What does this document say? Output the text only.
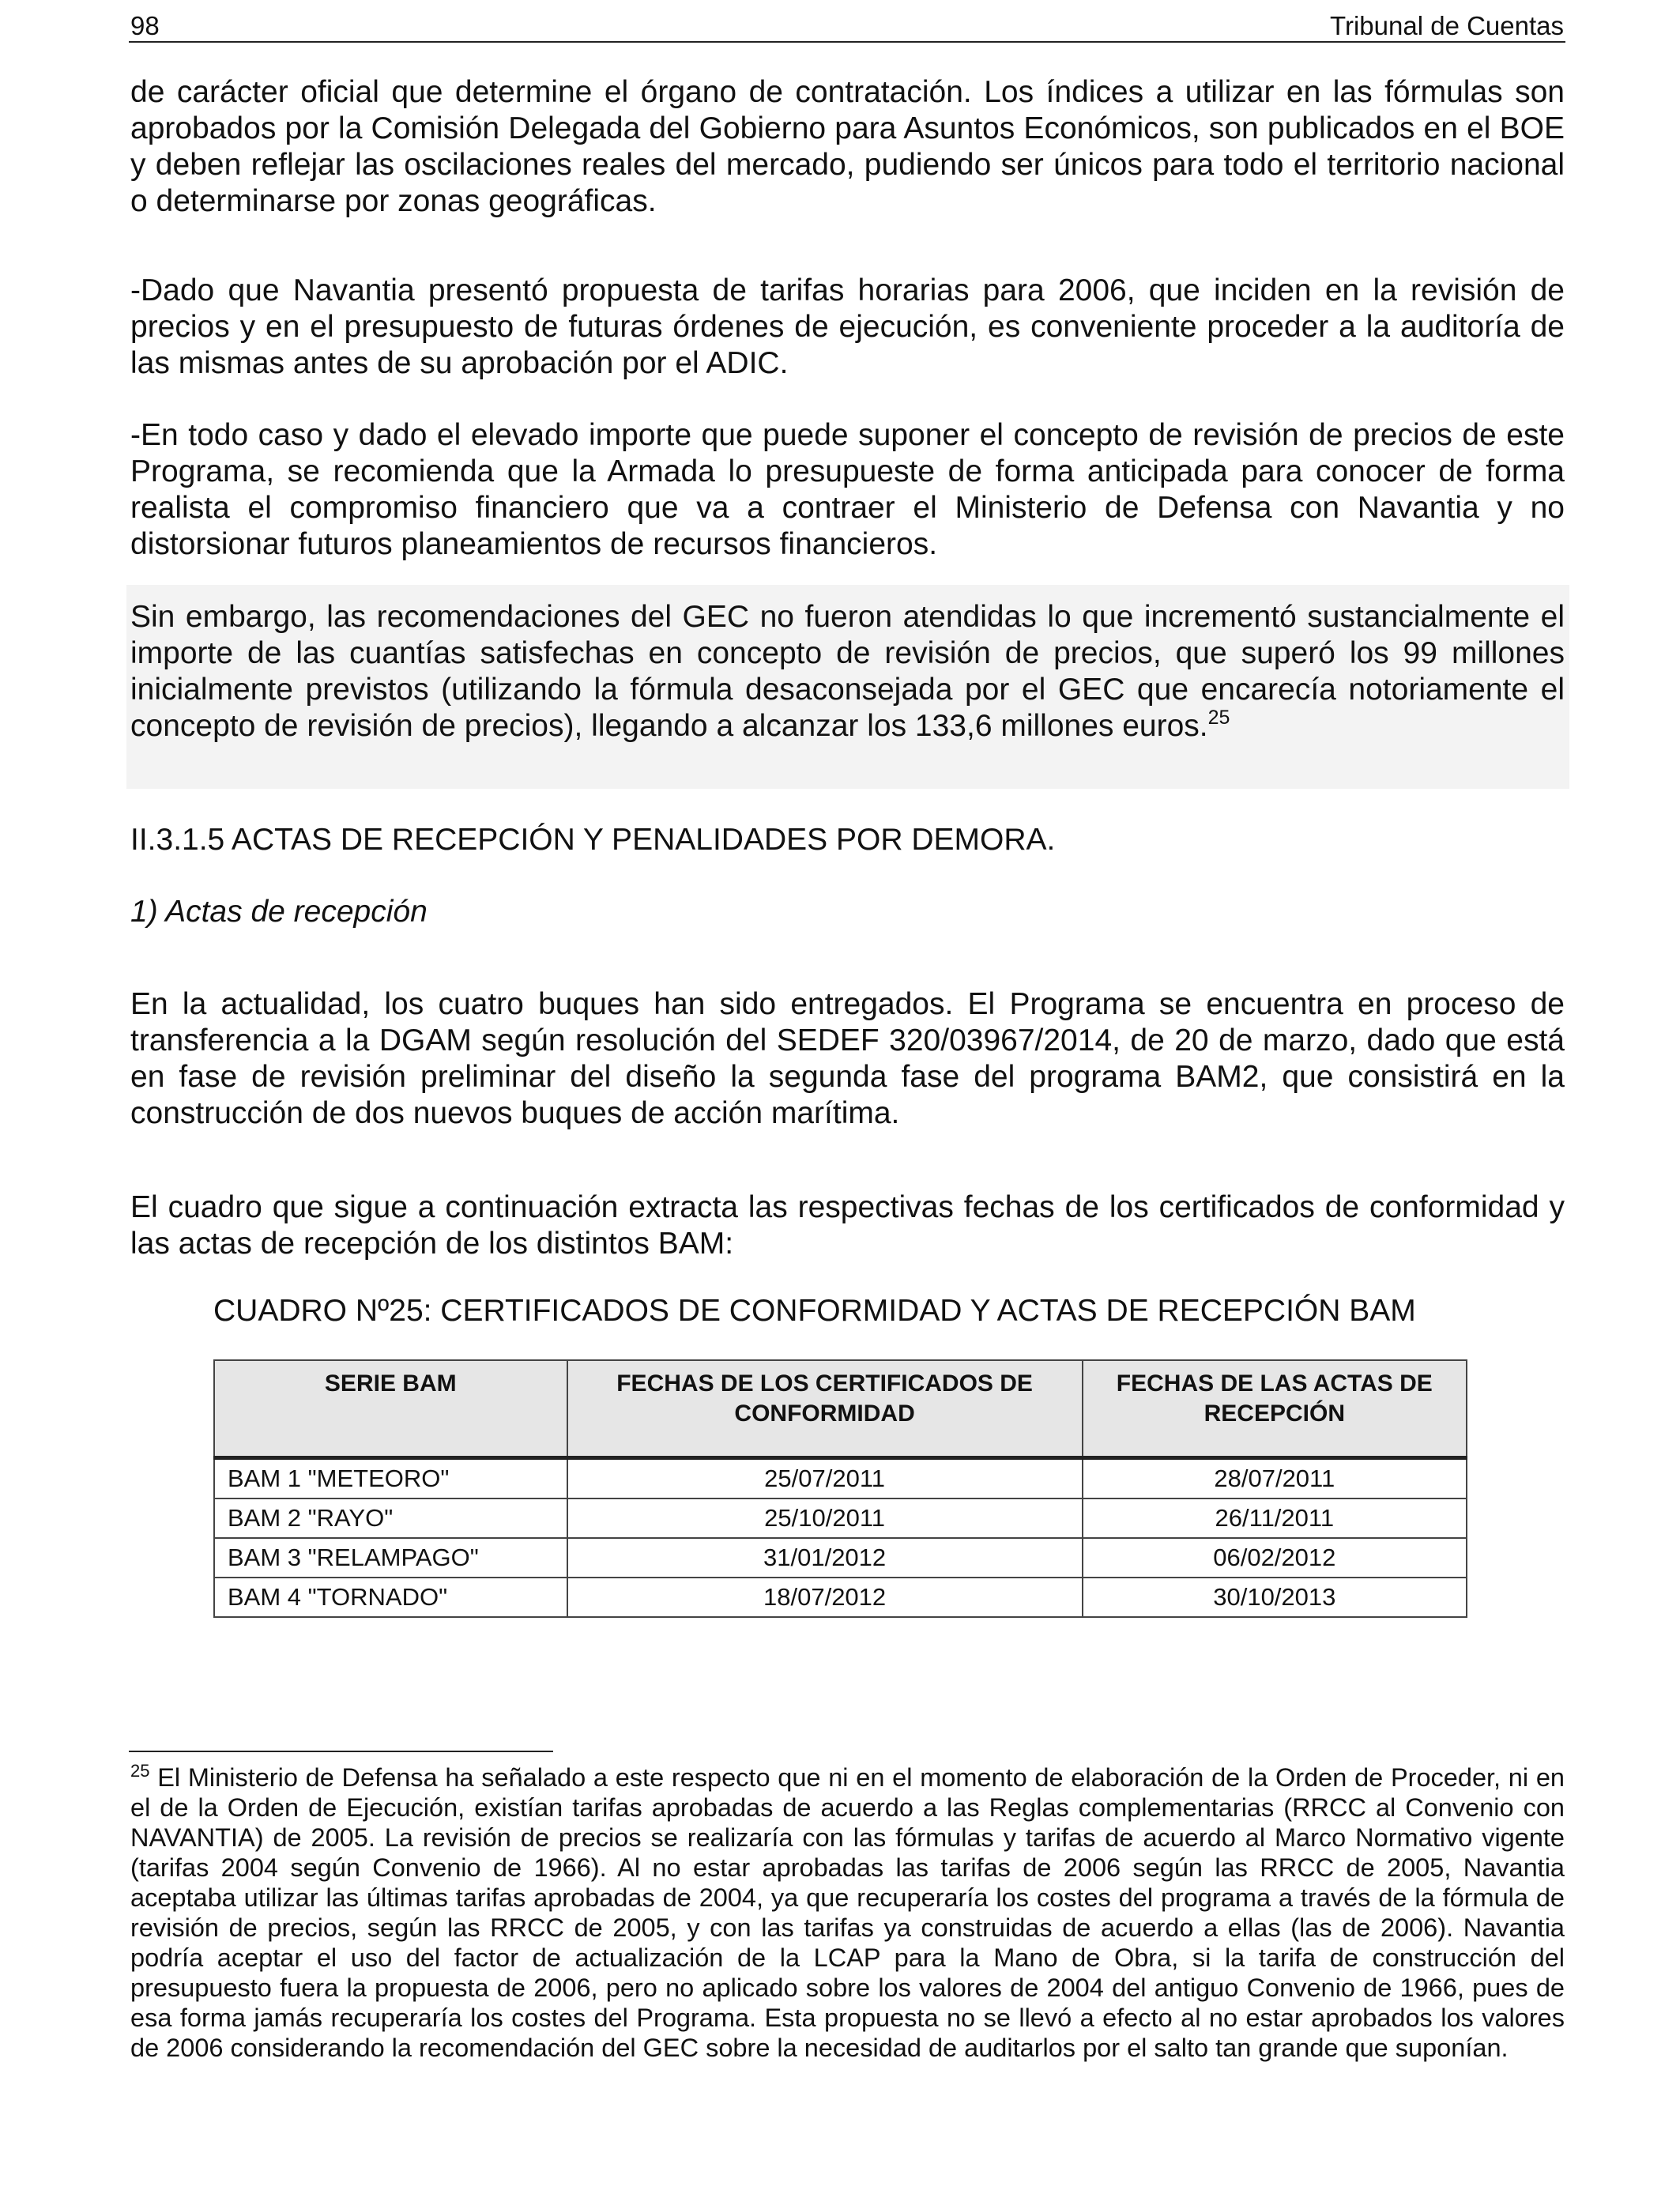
98	Tribunal de Cuentas

de carácter oficial que determine el órgano de contratación. Los índices a utilizar en las fórmulas son aprobados por la Comisión Delegada del Gobierno para Asuntos Económicos, son publicados en el BOE y deben reflejar las oscilaciones reales del mercado, pudiendo ser únicos para todo el territorio nacional o determinarse por zonas geográficas.

-Dado que Navantia presentó propuesta de tarifas horarias para 2006, que inciden en la revisión de precios y en el presupuesto de futuras órdenes de ejecución, es conveniente proceder a la auditoría de las mismas antes de su aprobación por el ADIC.

-En todo caso y dado el elevado importe que puede suponer el concepto de revisión de precios de este Programa, se recomienda que la Armada lo presupueste de forma anticipada para conocer de forma realista el compromiso financiero que va a contraer el Ministerio de Defensa con Navantia y no distorsionar futuros planeamientos de recursos financieros.

Sin embargo, las recomendaciones del GEC no fueron atendidas lo que incrementó sustancialmente el importe de las cuantías satisfechas en concepto de revisión de precios, que superó los 99 millones inicialmente previstos (utilizando la fórmula desaconsejada por el GEC que encarecía notoriamente el concepto de revisión de precios), llegando a alcanzar los 133,6 millones euros.$^{25}$

II.3.1.5 ACTAS DE RECEPCIÓN Y PENALIDADES POR DEMORA.
1) Actas de recepción

En la actualidad, los cuatro buques han sido entregados. El Programa se encuentra en proceso de transferencia a la DGAM según resolución del SEDEF 320/03967/2014, de 20 de marzo, dado que está en fase de revisión preliminar del diseño la segunda fase del programa BAM2, que consistirá en la construcción de dos nuevos buques de acción marítima.

El cuadro que sigue a continuación extracta las respectivas fechas de los certificados de conformidad y las actas de recepción de los distintos BAM:

CUADRO Nº25: CERTIFICADOS DE CONFORMIDAD Y ACTAS DE RECEPCIÓN BAM
SERIE BAM	FECHAS DE LOS CERTIFICADOS DE CONFORMIDAD	FECHAS DE LAS ACTAS DE RECEPCIÓN
BAM 1 "METEORO"	25/07/2011	28/07/2011
BAM 2 "RAYO"	25/10/2011	26/11/2011
BAM 3 "RELAMPAGO"	31/01/2012	06/02/2012
BAM 4 "TORNADO"	18/07/2012	30/10/2013

$^{25}$ El Ministerio de Defensa ha señalado a este respecto que ni en el momento de elaboración de la Orden de Proceder, ni en el de la Orden de Ejecución, existían tarifas aprobadas de acuerdo a las Reglas complementarias (RRCC al Convenio con NAVANTIA) de 2005. La revisión de precios se realizaría con las fórmulas y tarifas de acuerdo al Marco Normativo vigente (tarifas 2004 según Convenio de 1966). Al no estar aprobadas las tarifas de 2006 según las RRCC de 2005, Navantia aceptaba utilizar las últimas tarifas aprobadas de 2004, ya que recuperaría los costes del programa a través de la fórmula de revisión de precios, según las RRCC de 2005, y con las tarifas ya construidas de acuerdo a ellas (las de 2006). Navantia podría aceptar el uso del factor de actualización de la LCAP para la Mano de Obra, si la tarifa de construcción del presupuesto fuera la propuesta de 2006, pero no aplicado sobre los valores de 2004 del antiguo Convenio de 1966, pues de esa forma jamás recuperaría los costes del Programa. Esta propuesta no se llevó a efecto al no estar aprobados los valores de 2006 considerando la recomendación del GEC sobre la necesidad de auditarlos por el salto tan grande que suponían.
